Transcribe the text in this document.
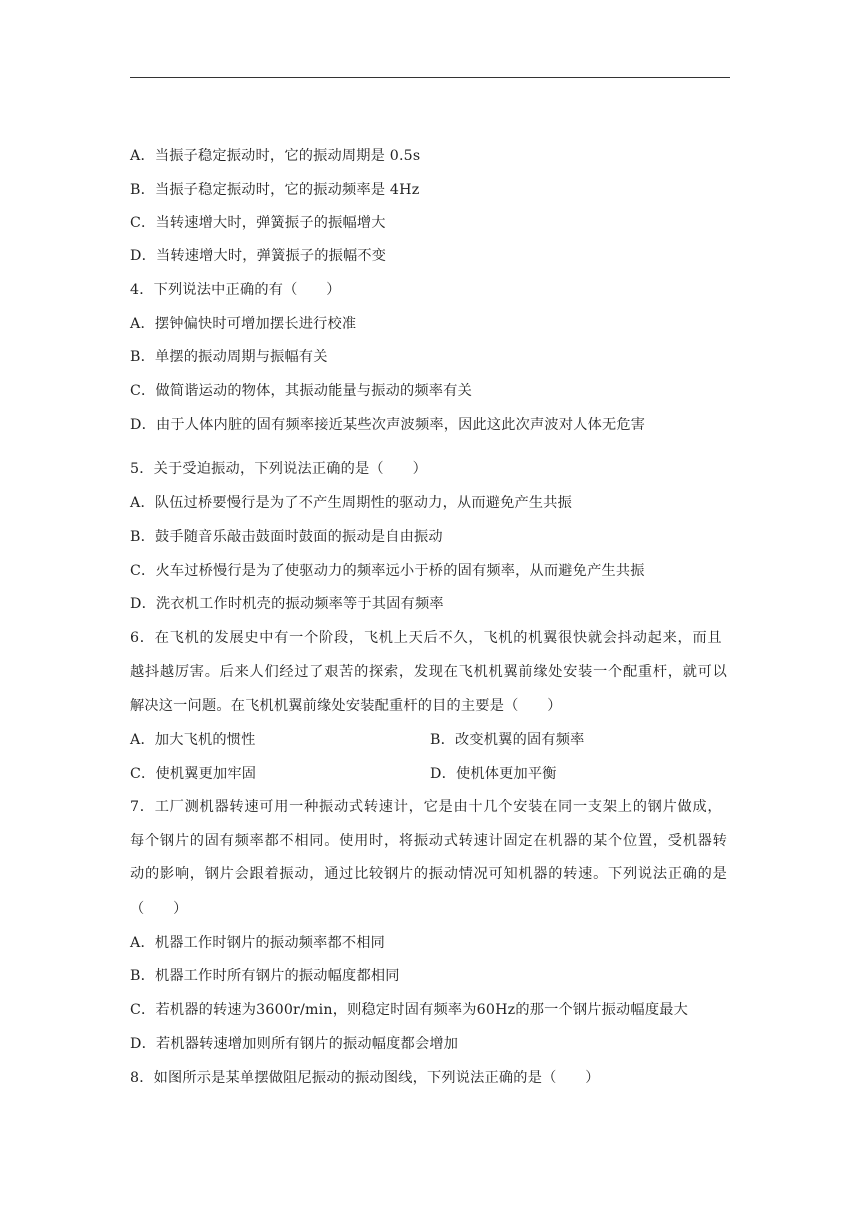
A．当振子稳定振动时，它的振动周期是 0.5s
B．当振子稳定振动时，它的振动频率是 4Hz
C．当转速增大时，弹簧振子的振幅增大
D．当转速增大时，弹簧振子的振幅不变
4．下列说法中正确的有（　　）
A．摆钟偏快时可增加摆长进行校准
B．单摆的振动周期与振幅有关
C．做简谐运动的物体，其振动能量与振动的频率有关
D．由于人体内脏的固有频率接近某些次声波频率，因此这此次声波对人体无危害
5．关于受迫振动，下列说法正确的是（　　）
A．队伍过桥要慢行是为了不产生周期性的驱动力，从而避免产生共振
B．鼓手随音乐敲击鼓面时鼓面的振动是自由振动
C．火车过桥慢行是为了使驱动力的频率远小于桥的固有频率，从而避免产生共振
D．洗衣机工作时机壳的振动频率等于其固有频率
6．在飞机的发展史中有一个阶段，飞机上天后不久，飞机的机翼很快就会抖动起来，而且
越抖越厉害。后来人们经过了艰苦的探索，发现在飞机机翼前缘处安装一个配重杆，就可以
解决这一问题。在飞机机翼前缘处安装配重杆的目的主要是（　　）
A．加大飞机的惯性	B．改变机翼的固有频率
C．使机翼更加牢固	D．使机体更加平衡
7．工厂测机器转速可用一种振动式转速计，它是由十几个安装在同一支架上的钢片做成，
每个钢片的固有频率都不相同。使用时，将振动式转速计固定在机器的某个位置，受机器转
动的影响，钢片会跟着振动，通过比较钢片的振动情况可知机器的转速。下列说法正确的是
（　　）
A．机器工作时钢片的振动频率都不相同
B．机器工作时所有钢片的振动幅度都相同
C．若机器的转速为3600r/min，则稳定时固有频率为60Hz的那一个钢片振动幅度最大
D．若机器转速增加则所有钢片的振动幅度都会增加
8．如图所示是某单摆做阻尼振动的振动图线，下列说法正确的是（　　）
